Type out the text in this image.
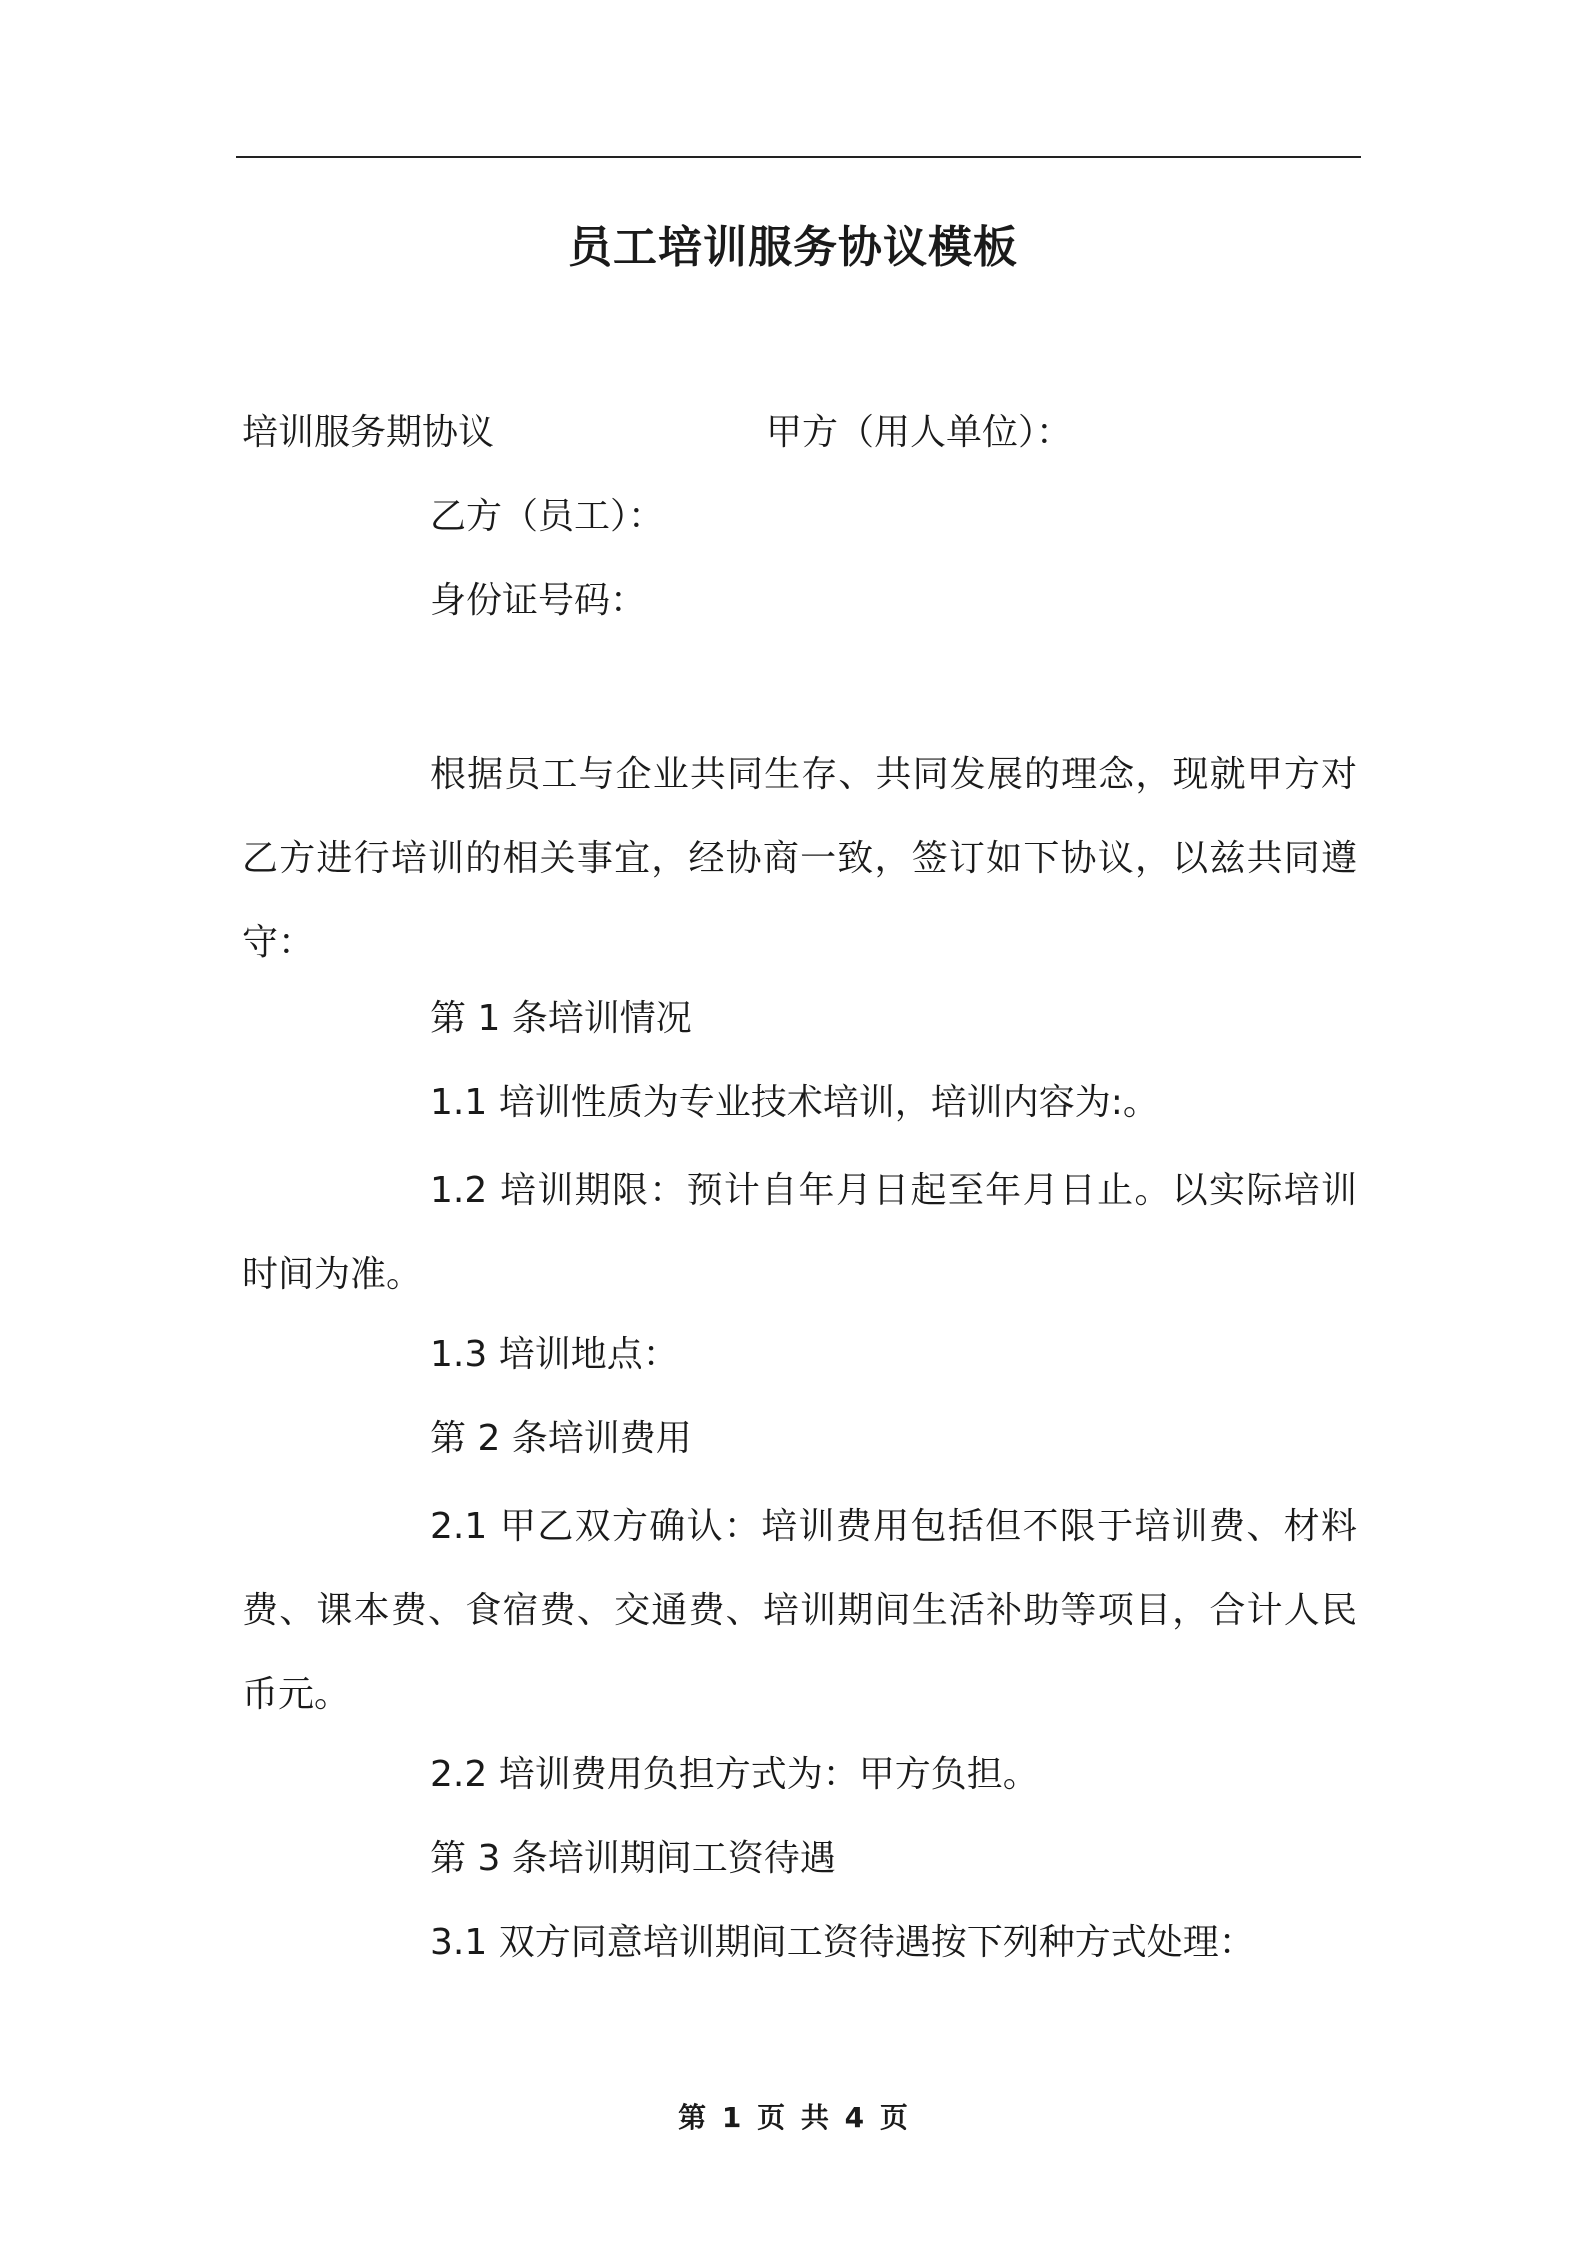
员工培训服务协议模板
培训服务期协议	甲方（用人单位）：
乙方（员工）：
身份证号码：
根据员工与企业共同生存、共同发展的理念，现就甲方对乙方进行培训的相关事宜，经协商一致，签订如下协议，以兹共同遵守：
第 1 条培训情况
1.1 培训性质为专业技术培训，培训内容为:。
1.2 培训期限：预计自年月日起至年月日止。以实际培训时间为准。
1.3 培训地点：
第 2 条培训费用
2.1 甲乙双方确认：培训费用包括但不限于培训费、材料费、课本费、食宿费、交通费、培训期间生活补助等项目，合计人民币元。
2.2 培训费用负担方式为：甲方负担。
第 3 条培训期间工资待遇
3.1 双方同意培训期间工资待遇按下列种方式处理：
第 1 页 共 4 页
